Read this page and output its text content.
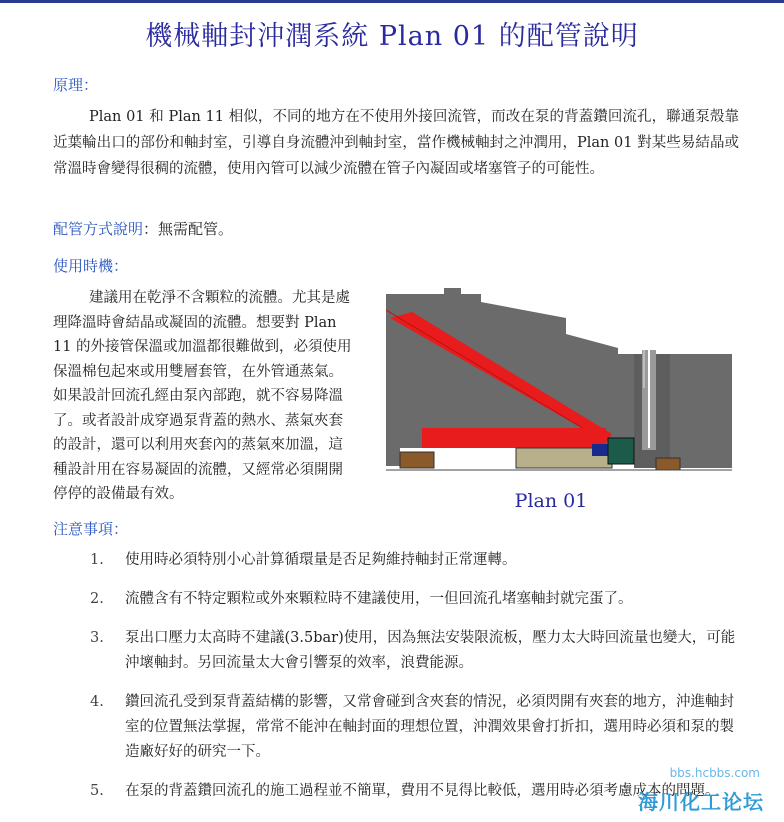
機械軸封沖潤系統 Plan 01 的配管說明
原理：
Plan 01 和 Plan 11 相似，不同的地方在不使用外接回流管，而改在泵的背蓋鑽回流孔，聯通泵殼靠近葉輪出口的部份和軸封室，引導自身流體沖到軸封室，當作機械軸封之沖潤用，Plan 01 對某些易結晶或常溫時會變得很稠的流體，使用內管可以減少流體在管子內凝固或堵塞管子的可能性。
配管方式說明：無需配管。
使用時機：
建議用在乾淨不含顆粒的流體。尤其是處理降溫時會結晶或凝固的流體。想要對 Plan 11 的外接管保溫或加溫都很難做到，必須使用保溫棉包起來或用雙層套管，在外管通蒸氣。如果設計回流孔經由泵內部跑，就不容易降溫了。或者設計成穿過泵背蓋的熱水、蒸氣夾套的設計，還可以利用夾套內的蒸氣來加溫，這種設計用在容易凝固的流體，又經常必須開開停停的設備最有效。	Plan 01
注意事項：
1.	使用時必須特別小心計算循環量是否足夠維持軸封正常運轉。
2.	流體含有不特定顆粒或外來顆粒時不建議使用，一但回流孔堵塞軸封就完蛋了。
3.	泵出口壓力太高時不建議(3.5bar)使用，因為無法安裝限流板，壓力太大時回流量也變大，可能沖壞軸封。另回流量太大會引響泵的效率，浪費能源。
4.	鑽回流孔受到泵背蓋結構的影響，又常會碰到含夾套的情況，必須閃開有夾套的地方，沖進軸封室的位置無法掌握，常常不能沖在軸封面的理想位置，沖潤效果會打折扣，選用時必須和泵的製造廠好好的研究一下。
5.	在泵的背蓋鑽回流孔的施工過程並不簡單，費用不見得比較低，選用時必須考慮成本的問題。
bbs.hcbbs.com
海川化工论坛
